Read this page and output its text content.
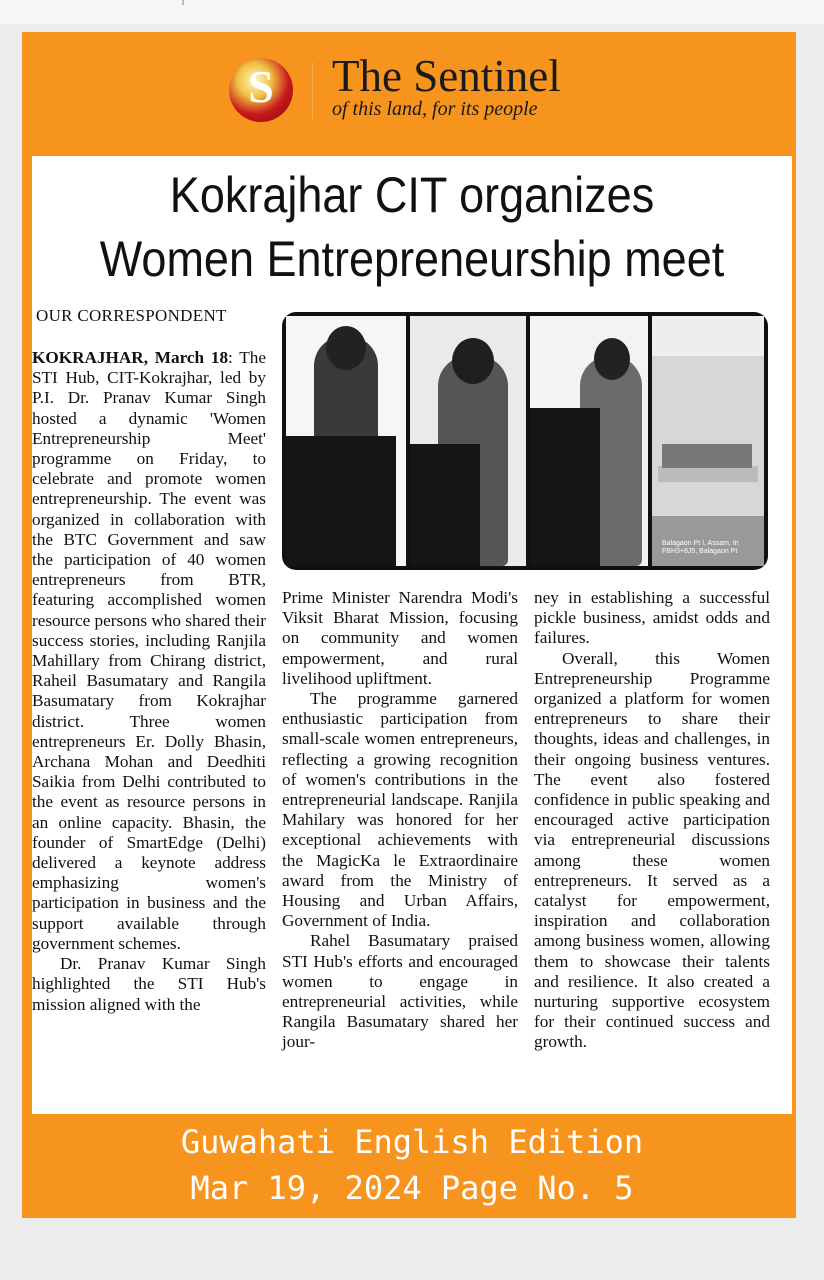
S	The Sentinel
of this land, for its people
Kokrajhar CIT organizes
Women Entrepreneurship meet
OUR CORRESPONDENT

KOKRAJHAR, March 18: The STI Hub, CIT-Kokrajhar, led by P.I. Dr. Pranav Kumar Singh hosted a dynamic 'Women Entrepreneurship Meet' programme on Friday, to celebrate and promote women entrepreneurship. The event was organized in collaboration with the BTC Government and saw the participation of 40 women entrepreneurs from BTR, featuring accomplished women resource persons who shared their success stories, including Ranjila Mahillary from Chirang district, Raheil Basumatary and Rangila Basumatary from Kokrajhar district. Three women entrepreneurs Er. Dolly Bhasin, Archana Mohan and Deedhiti Saikia from Delhi contributed to the event as resource persons in an online capacity. Bhasin, the founder of SmartEdge (Delhi) delivered a keynote address emphasizing women's participation in business and the support available through government schemes.

Dr. Pranav Kumar Singh highlighted the STI Hub's mission aligned with the

Balagaon Pt I, Assam, In
FBH3+8J5, Balagaon Pt

Prime Minister Narendra Modi's Viksit Bharat Mission, focusing on community and women empowerment, and rural livelihood upliftment.

The programme garnered enthusiastic participation from small-scale women entrepreneurs, reflecting a growing recognition of women's contributions in the entrepreneurial landscape. Ranjila Mahilary was honored for her exceptional achievements with the MagicKa le Extraordinaire award from the Ministry of Housing and Urban Affairs, Government of India.

Rahel Basumatary praised STI Hub's efforts and encouraged women to engage in entrepreneurial activities, while Rangila Basumatary shared her jour-

ney in establishing a successful pickle business, amidst odds and failures.

Overall, this Women Entrepreneurship Programme organized a platform for women entrepreneurs to share their thoughts, ideas and challenges, in their ongoing business ventures. The event also fostered confidence in public speaking and encouraged active participation via entrepreneurial discussions among these women entrepreneurs. It served as a catalyst for empowerment, inspiration and collaboration among business women, allowing them to showcase their talents and resilience. It also created a nurturing supportive ecosystem for their continued success and growth.

Guwahati English Edition
Mar 19, 2024 Page No. 5
